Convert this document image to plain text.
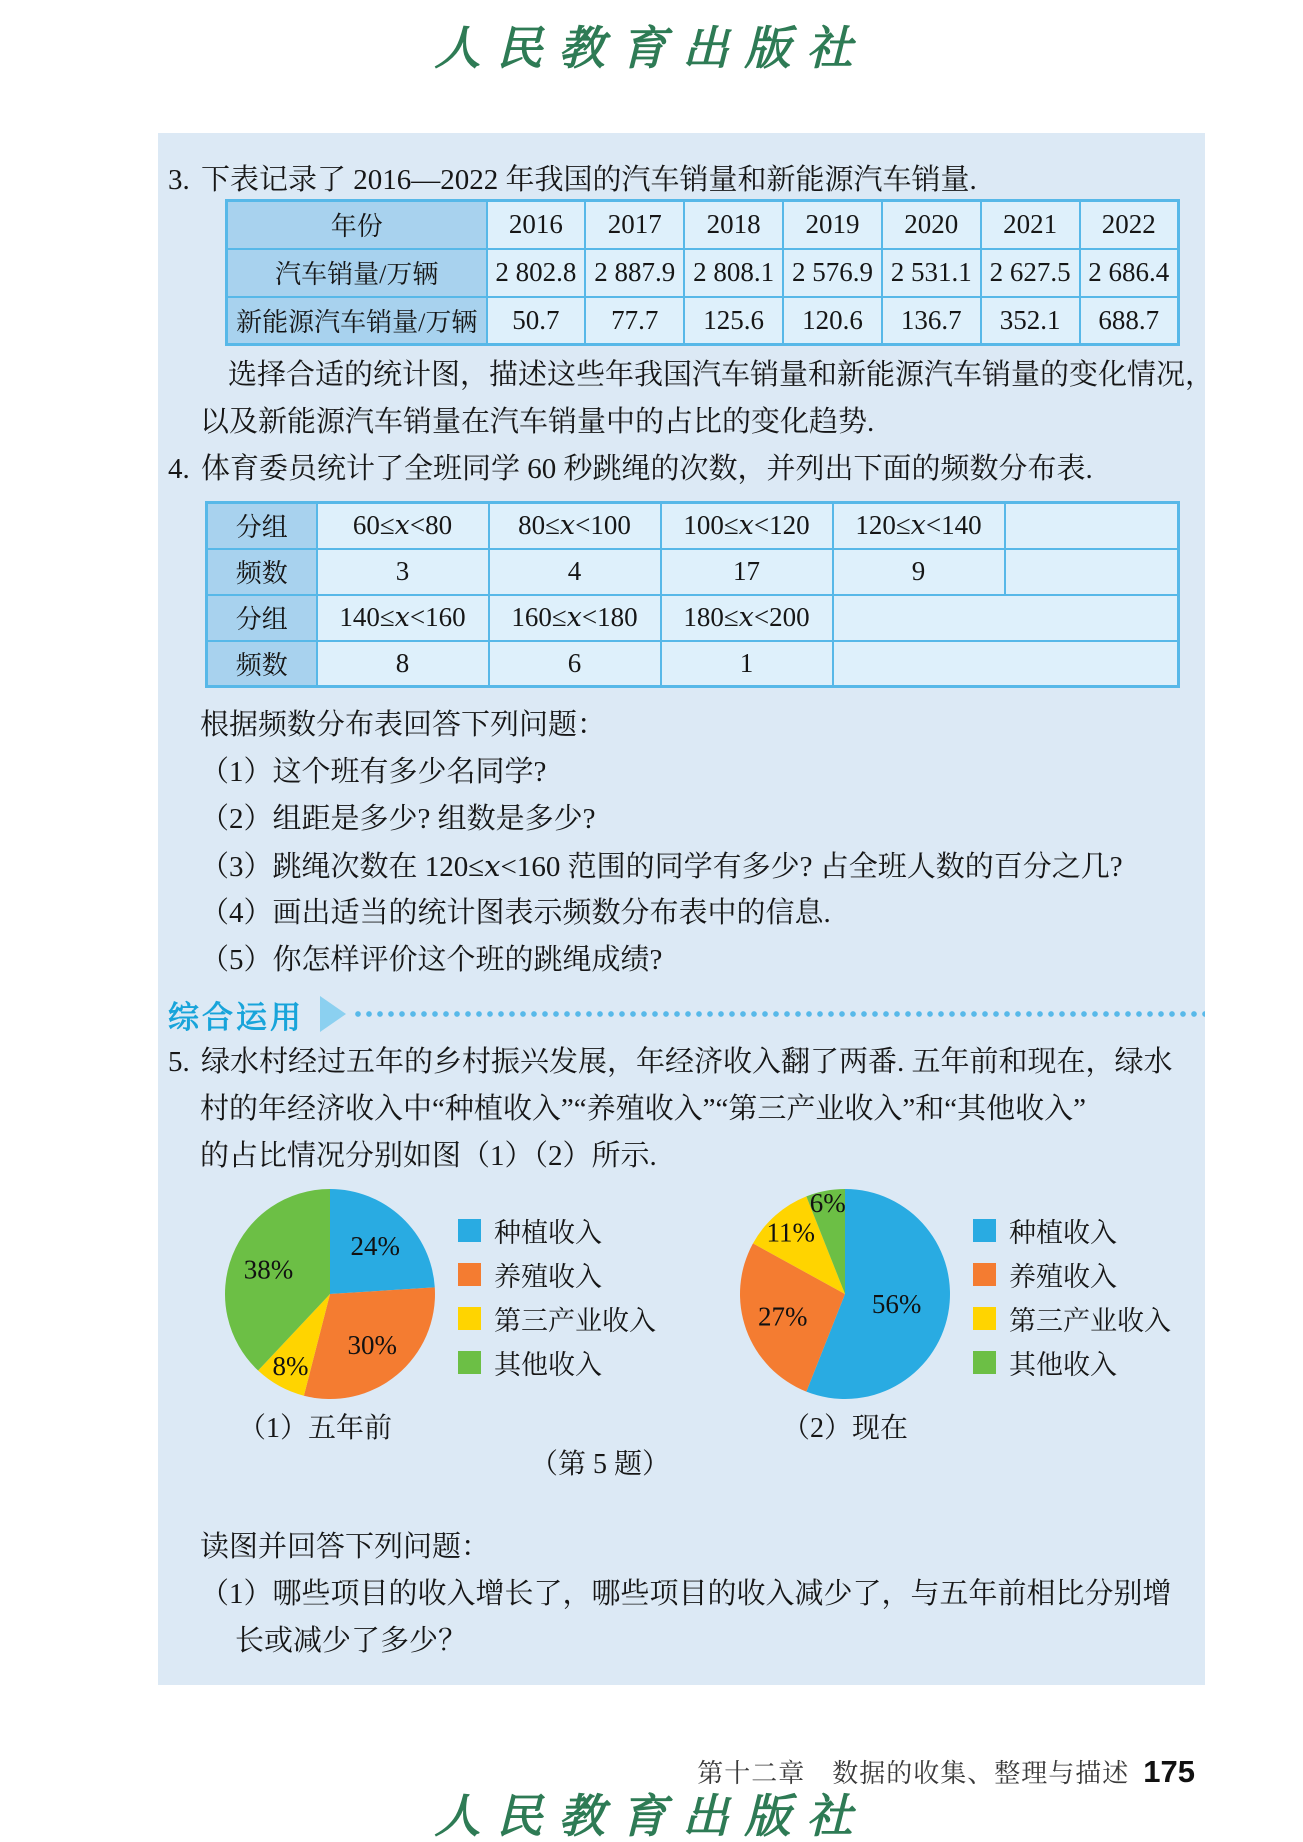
人民教育出版社
3. 下表记录了 2016—2022 年我国的汽车销量和新能源汽车销量.
年份	2016	2017	2018	2019	2020	2021	2022
汽车销量/万辆	2 802.8	2 887.9	2 808.1	2 576.9	2 531.1	2 627.5	2 686.4
新能源汽车销量/万辆	50.7	77.7	125.6	120.6	136.7	352.1	688.7
选择合适的统计图，描述这些年我国汽车销量和新能源汽车销量的变化情况，
以及新能源汽车销量在汽车销量中的占比的变化趋势.
4. 体育委员统计了全班同学 60 秒跳绳的次数，并列出下面的频数分布表.
分组	60≤x<80	80≤x<100	100≤x<120	120≤x<140	
频数	3	4	17	9	
分组	140≤x<160	160≤x<180	180≤x<200		
频数	8	6	1		
根据频数分布表回答下列问题：
（1）这个班有多少名同学?
（2）组距是多少? 组数是多少?
（3）跳绳次数在 120≤x<160 范围的同学有多少? 占全班人数的百分之几?
（4）画出适当的统计图表示频数分布表中的信息.
（5）你怎样评价这个班的跳绳成绩?
综合运用
5. 绿水村经过五年的乡村振兴发展，年经济收入翻了两番. 五年前和现在，绿水
村的年经济收入中“种植收入”“养殖收入”“第三产业收入”和“其他收入”
的占比情况分别如图（1）（2）所示.
24%
30%
8%
38%
56%
27%
11%
6%
种植收入
养殖收入
第三产业收入
其他收入
种植收入
养殖收入
第三产业收入
其他收入
（1）五年前	（2）现在
（第 5 题）
读图并回答下列问题：
（1）哪些项目的收入增长了，哪些项目的收入减少了，与五年前相比分别增
长或减少了多少？
第十二章　数据的收集、整理与描述 175
人民教育出版社
